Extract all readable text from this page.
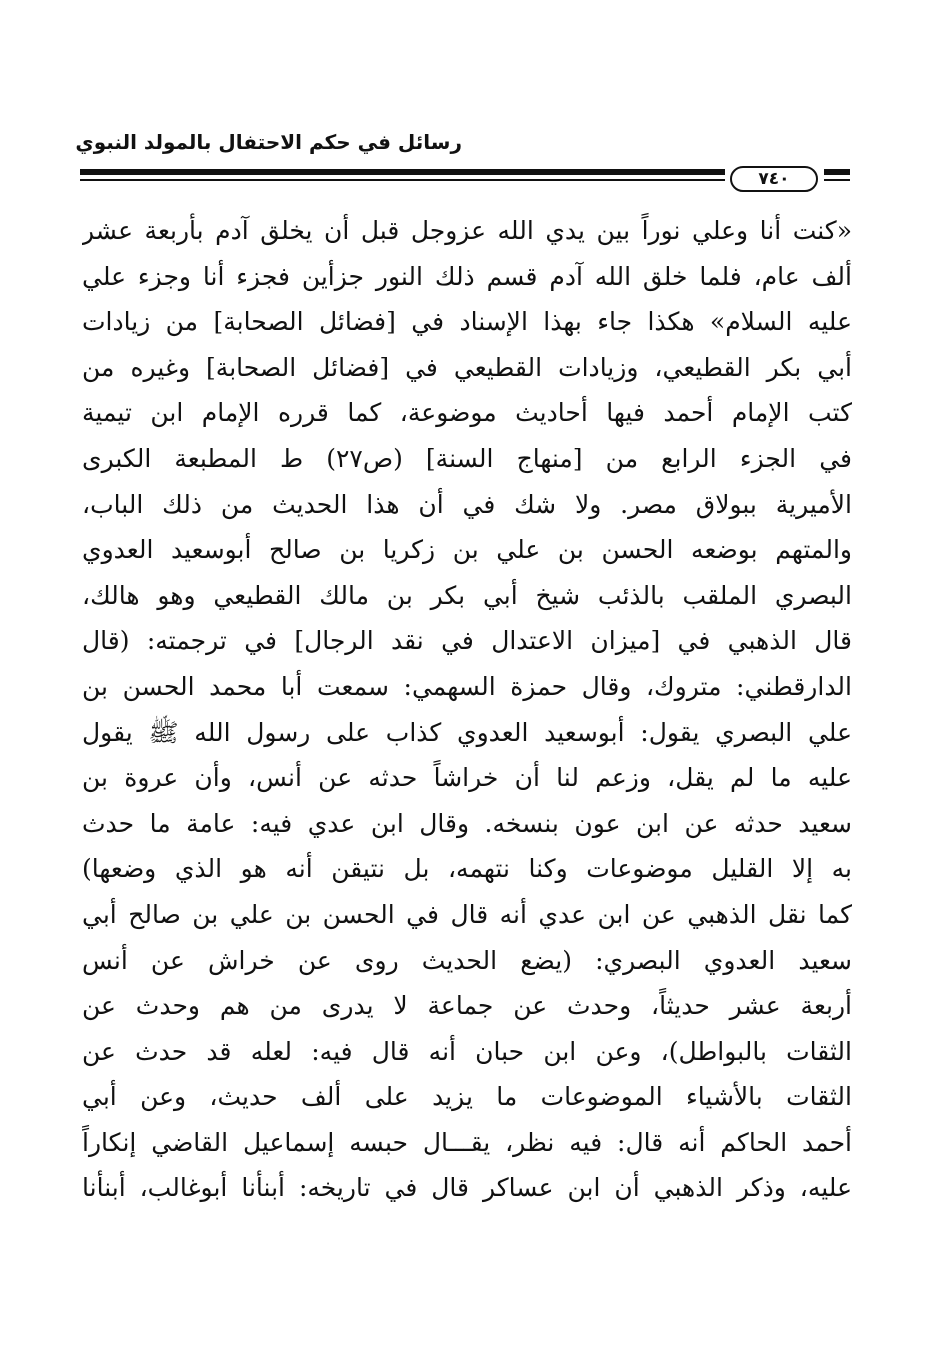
رسائل في حكم الاحتفال بالمولد النبوي
٧٤٠
«كنت أنا وعلي نوراً بين يدي الله عزوجل قبل أن يخلق آدم بأربعة عشر
ألف عام، فلما خلق الله آدم قسم ذلك النور جزأين فجزء أنا وجزء علي
عليه السلام» هكذا جاء بهذا الإسناد في [فضائل الصحابة] من زيادات
أبي بكر القطيعي، وزيادات القطيعي في [فضائل الصحابة] وغيره من
كتب الإمام أحمد فيها أحاديث موضوعة، كما قرره الإمام ابن تيمية
في الجزء الرابع من [منهاج السنة] (ص٢٧) ط المطبعة الكبرى
الأميرية ببولاق مصر. ولا شك في أن هذا الحديث من ذلك الباب،
والمتهم بوضعه الحسن بن علي بن زكريا بن صالح أبوسعيد العدوي
البصري الملقب بالذئب شيخ أبي بكر بن مالك القطيعي وهو هالك،
قال الذهبي في [ميزان الاعتدال في نقد الرجال] في ترجمته: (قال
الدارقطني: متروك، وقال حمزة السهمي: سمعت أبا محمد الحسن بن
علي البصري يقول: أبوسعيد العدوي كذاب على رسول الله ﷺ يقول
عليه ما لم يقل، وزعم لنا أن خراشاً حدثه عن أنس، وأن عروة بن
سعيد حدثه عن ابن عون بنسخه. وقال ابن عدي فيه: عامة ما حدث
به إلا القليل موضوعات وكنا نتهمه، بل نتيقن أنه هو الذي وضعها)
كما نقل الذهبي عن ابن عدي أنه قال في الحسن بن علي بن صالح أبي
سعيد العدوي البصري: (يضع الحديث روى عن خراش عن أنس
أربعة عشر حديثاً، وحدث عن جماعة لا يدرى من هم وحدث عن
الثقات بالبواطل)، وعن ابن حبان أنه قال فيه: لعله قد حدث عن
الثقات بالأشياء الموضوعات ما يزيد على ألف حديث، وعن أبي
أحمد الحاكم أنه قال: فيه نظر، يقـــال حبسه إسماعيل القاضي إنكاراً
عليه، وذكر الذهبي أن ابن عساكر قال في تاريخه: أبنأنا أبوغالب، أبنأنا
